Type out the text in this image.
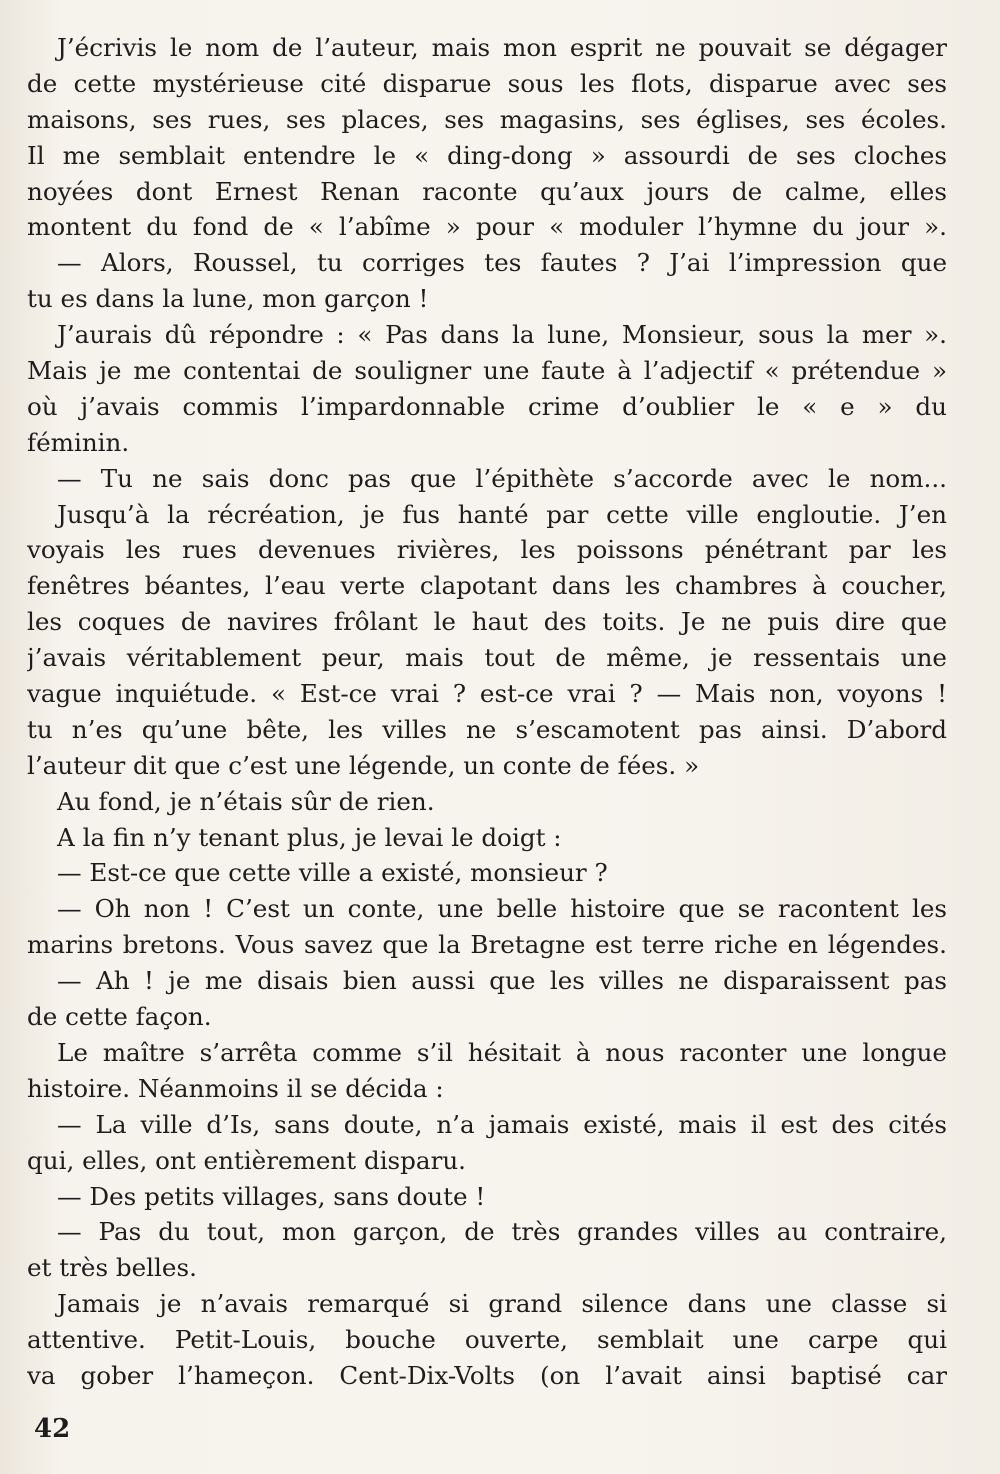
J’écrivis le nom de l’auteur, mais mon esprit ne pouvait se dégager
de cette mystérieuse cité disparue sous les flots, disparue avec ses
maisons, ses rues, ses places, ses magasins, ses églises, ses écoles.
Il me semblait entendre le « ding-dong » assourdi de ses cloches
noyées dont Ernest Renan raconte qu’aux jours de calme, elles
montent du fond de « l’abîme » pour « moduler l’hymne du jour ».
— Alors, Roussel, tu corriges tes fautes ? J’ai l’impression que
tu es dans la lune, mon garçon !
J’aurais dû répondre : « Pas dans la lune, Monsieur, sous la mer ».
Mais je me contentai de souligner une faute à l’adjectif « prétendue »
où j’avais commis l’impardonnable crime d’oublier le « e » du
féminin.
— Tu ne sais donc pas que l’épithète s’accorde avec le nom...
Jusqu’à la récréation, je fus hanté par cette ville engloutie. J’en
voyais les rues devenues rivières, les poissons pénétrant par les
fenêtres béantes, l’eau verte clapotant dans les chambres à coucher,
les coques de navires frôlant le haut des toits. Je ne puis dire que
j’avais véritablement peur, mais tout de même, je ressentais une
vague inquiétude. « Est-ce vrai ? est-ce vrai ? — Mais non, voyons !
tu n’es qu’une bête, les villes ne s’escamotent pas ainsi. D’abord
l’auteur dit que c’est une légende, un conte de fées. »
Au fond, je n’étais sûr de rien.
A la fin n’y tenant plus, je levai le doigt :
— Est-ce que cette ville a existé, monsieur ?
— Oh non ! C’est un conte, une belle histoire que se racontent les
marins bretons. Vous savez que la Bretagne est terre riche en légendes.
— Ah ! je me disais bien aussi que les villes ne disparaissent pas
de cette façon.
Le maître s’arrêta comme s’il hésitait à nous raconter une longue
histoire. Néanmoins il se décida :
— La ville d’Is, sans doute, n’a jamais existé, mais il est des cités
qui, elles, ont entièrement disparu.
— Des petits villages, sans doute !
— Pas du tout, mon garçon, de très grandes villes au contraire,
et très belles.
Jamais je n’avais remarqué si grand silence dans une classe si
attentive. Petit-Louis, bouche ouverte, semblait une carpe qui
va gober l’hameçon. Cent-Dix-Volts (on l’avait ainsi baptisé car
42
